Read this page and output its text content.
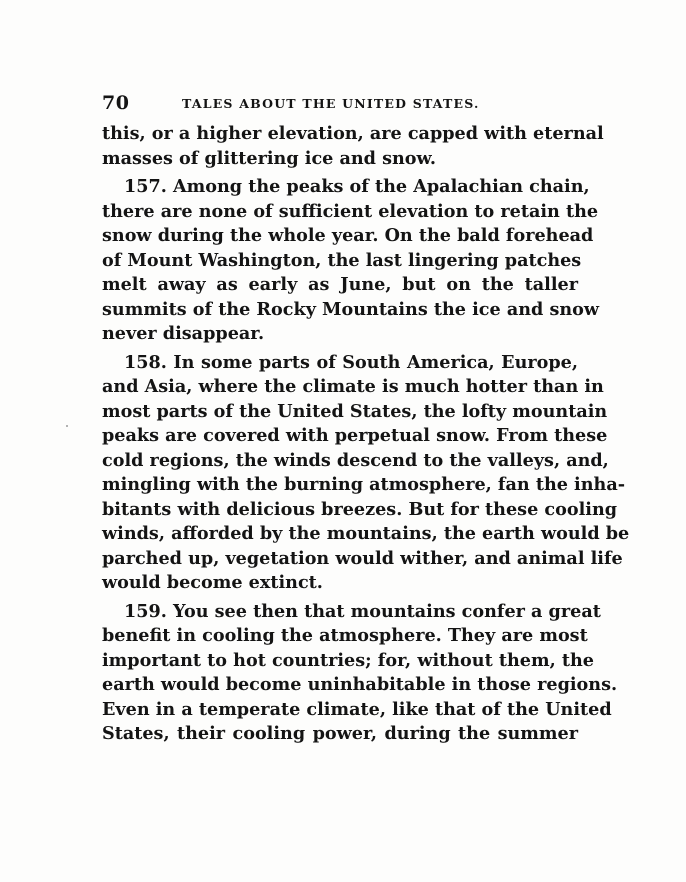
70	TALES ABOUT THE UNITED STATES.
this, or a higher elevation, are capped with eternal
masses of glittering ice and snow.
157. Among the peaks of the Apalachian chain,
there are none of sufficient elevation to retain the
snow during the whole year. On the bald forehead
of Mount Washington, the last lingering patches
melt away as early as June, but on the taller
summits of the Rocky Mountains the ice and snow
never disappear.
158. In some parts of South America, Europe,
and Asia, where the climate is much hotter than in
most parts of the United States, the lofty mountain
peaks are covered with perpetual snow. From these
cold regions, the winds descend to the valleys, and,
mingling with the burning atmosphere, fan the inha-
bitants with delicious breezes. But for these cooling
winds, afforded by the mountains, the earth would be
parched up, vegetation would wither, and animal life
would become extinct.
159. You see then that mountains confer a great
benefit in cooling the atmosphere. They are most
important to hot countries; for, without them, the
earth would become uninhabitable in those regions.
Even in a temperate climate, like that of the United
States, their cooling power, during the summer
